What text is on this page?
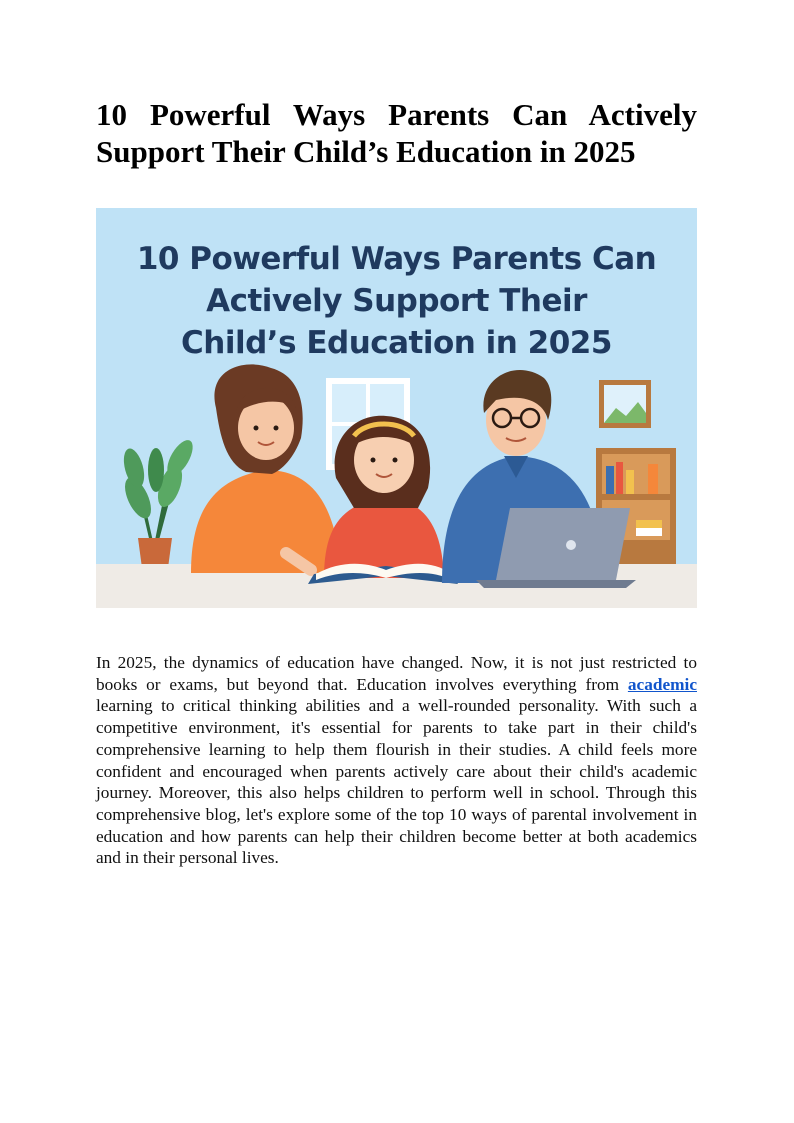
10 Powerful Ways Parents Can Actively Support Their Child’s Education in 2025
10 Powerful Ways Parents Can
Actively Support Their
Child’s Education in 2025

In 2025, the dynamics of education have changed. Now, it is not just restricted to books or exams, but beyond that. Education involves everything from academic learning to critical thinking abilities and a well-rounded personality. With such a competitive environment, it's essential for parents to take part in their child's comprehensive learning to help them flourish in their studies. A child feels more confident and encouraged when parents actively care about their child's academic journey. Moreover, this also helps children to perform well in school. Through this comprehensive blog, let's explore some of the top 10 ways of parental involvement in education and how parents can help their children become better at both academics and in their personal lives.
